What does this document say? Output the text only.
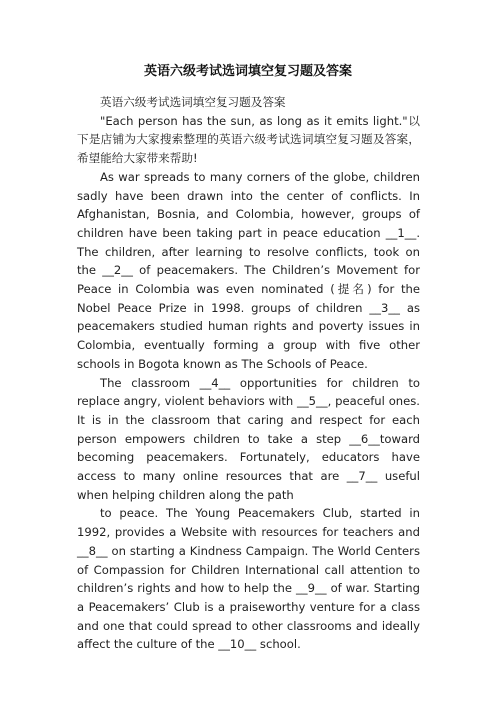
英语六级考试选词填空复习题及答案

英语六级考试选词填空复习题及答案

"Each person has the sun, as long as it emits light."以下是店铺为大家搜索整理的英语六级考试选词填空复习题及答案，希望能给大家带来帮助!

As war spreads to many corners of the globe, children sadly have been drawn into the center of conflicts. In Afghanistan, Bosnia, and Colombia, however, groups of children have been taking part in peace education __1__. The children, after learning to resolve conflicts, took on the __2__ of peacemakers. The Children’s Movement for Peace in Colombia was even nominated (提名) for the Nobel Peace Prize in 1998. groups of children __3__ as peacemakers studied human rights and poverty issues in Colombia, eventually forming a group with five other schools in Bogota known as The Schools of Peace.

The classroom __4__ opportunities for children to replace angry, violent behaviors with __5__, peaceful ones. It is in the classroom that caring and respect for each person empowers children to take a step __6__toward becoming peacemakers. Fortunately, educators have access to many online resources that are __7__ useful when helping children along the path

to peace. The Young Peacemakers Club, started in 1992, provides a Website with resources for teachers and __8__ on starting a Kindness Campaign. The World Centers of Compassion for Children International call attention to children’s rights and how to help the __9__ of war. Starting a Peacemakers’ Club is a praiseworthy venture for a class and one that could spread to other classrooms and ideally affect the culture of the __10__ school.
